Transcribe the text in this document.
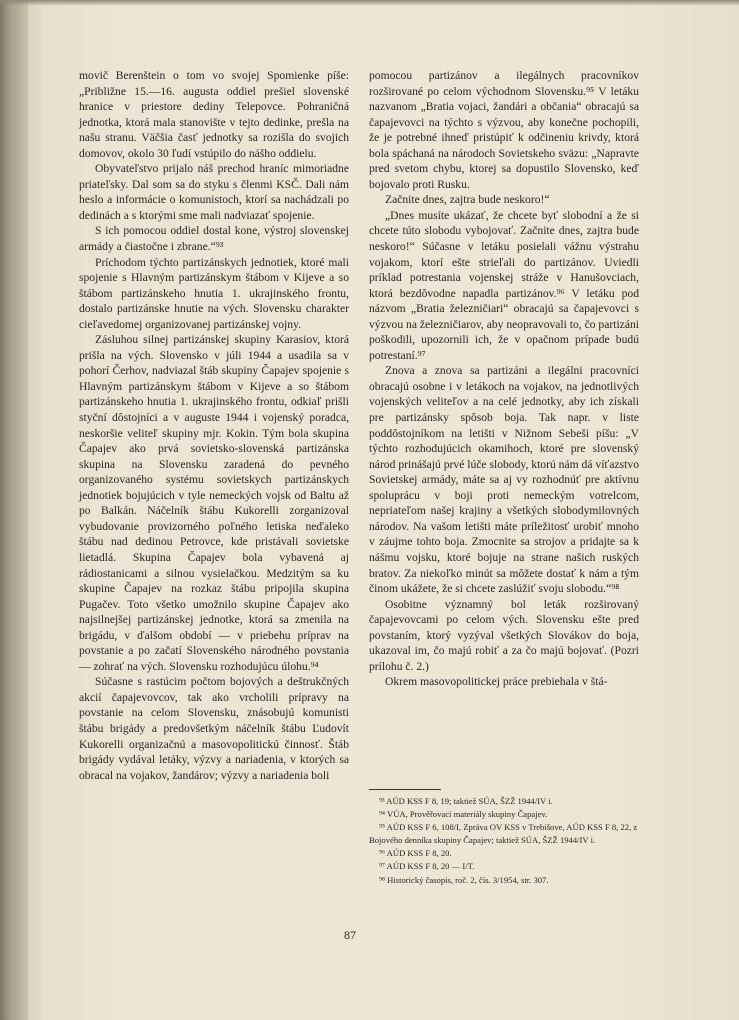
movič Berenštein o tom vo svojej Spomienke píše: „Približne 15.—16. augusta oddiel prešiel slovenské hranice v priestore dediny Telepovce. Pohraničná jednotka, ktorá mala stanovište v tejto dedinke, prešla na našu stranu. Väčšia časť jednotky sa rozišla do svojich domovov, okolo 30 ľudí vstúpilo do nášho oddielu.

Obyvateľstvo prijalo náš prechod hraníc mimoriadne priateľsky. Dal som sa do styku s členmi KSČ. Dali nám heslo a informácie o komunistoch, ktorí sa nachádzali po dedinách a s ktorými sme mali nadviazať spojenie.

S ich pomocou oddiel dostal kone, výstroj slovenskej armády a čiastočne i zbrane.“⁹³

Príchodom týchto partizánskych jednotiek, ktoré mali spojenie s Hlavným partizánskym štábom v Kijeve a so štábom partizánskeho hnutia 1. ukrajinského frontu, dostalo partizánske hnutie na vých. Slovensku charakter cieľavedomej organizovanej partizánskej vojny.

Zásluhou silnej partizánskej skupiny Karasiov, ktorá prišla na vých. Slovensko v júli 1944 a usadila sa v pohorí Čerhov, nadviazal štáb skupiny Čapajev spojenie s Hlavným partizánskym štábom v Kijeve a so štábom partizánskeho hnutia 1. ukrajinského frontu, odkiaľ prišli styční dôstojníci a v auguste 1944 i vojenský poradca, neskoršie veliteľ skupiny mjr. Kokin. Tým bola skupina Čapajev ako prvá sovietsko-slovenská partizánska skupina na Slovensku zaradená do pevného organizovaného systému sovietskych partizánskych jednotiek bojujúcich v tyle nemeckých vojsk od Baltu až po Balkán. Náčelník štábu Kukorelli zorganizoval vybudovanie provizorného poľného letiska neďaleko štábu nad dedinou Petrovce, kde pristávali sovietske lietadlá. Skupina Čapajev bola vybavená aj rádiostanicami a silnou vysielačkou. Medzitým sa ku skupine Čapajev na rozkaz štábu pripojila skupina Pugačev. Toto všetko umožnilo skupine Čapajev ako najsilnejšej partizánskej jednotke, ktorá sa zmenila na brigádu, v ďalšom období — v priebehu príprav na povstanie a po začatí Slovenského národného povstania — zohrať na vých. Slovensku rozhodujúcu úlohu.⁹⁴

Súčasne s rastúcim počtom bojových a deštrukčných akcií čapajevovcov, tak ako vrcholili prípravy na povstanie na celom Slovensku, znásobujú komunisti štábu brigády a predovšetkým náčelník štábu Ľudovít Kukorelli organizačnú a masovopolitickú činnosť. Štáb brigády vydával letáky, výzvy a nariadenia, v ktorých sa obracal na vojakov, žandárov; výzvy a nariadenia boli

pomocou partizánov a ilegálnych pracovníkov rozširované po celom východnom Slovensku.⁹⁵ V letáku nazvanom „Bratia vojaci, žandári a občania“ obracajú sa čapajevovci na týchto s výzvou, aby konečne pochopili, že je potrebné ihneď pristúpiť k odčineniu krivdy, ktorá bola spáchaná na národoch Sovietskeho sväzu: „Napravte pred svetom chybu, ktorej sa dopustilo Slovensko, keď bojovalo proti Rusku.

Začnite dnes, zajtra bude neskoro!“

„Dnes musíte ukázať, že chcete byť slobodní a že si chcete túto slobodu vybojovať. Začnite dnes, zajtra bude neskoro!“ Súčasne v letáku posielali vážnu výstrahu vojakom, ktorí ešte strieľali do partizánov. Uviedli príklad potrestania vojenskej stráže v Hanušovciach, ktorá bezdôvodne napadla partizánov.⁹⁶ V letáku pod názvom „Bratia železničiari“ obracajú sa čapajevovci s výzvou na železničiarov, aby neopravovali to, čo partizáni poškodili, upozornili ich, že v opačnom prípade budú potrestaní.⁹⁷

Znova a znova sa partizáni a ilegálni pracovníci obracajú osobne i v letákoch na vojakov, na jednotlivých vojenských veliteľov a na celé jednotky, aby ich získali pre partizánsky spôsob boja. Tak napr. v liste poddôstojníkom na letišti v Nižnom Sebeši píšu: „V týchto rozhodujúcich okamihoch, ktoré pre slovenský národ prinášajú prvé lúče slobody, ktorú nám dá víťazstvo Sovietskej armády, máte sa aj vy rozhodnúť pre aktívnu spoluprácu v boji proti nemeckým votrelcom, nepriateľom našej krajiny a všetkých slobodymilovných národov. Na vašom letišti máte príležitosť urobiť mnoho v záujme tohto boja. Zmocnite sa strojov a pridajte sa k nášmu vojsku, ktoré bojuje na strane našich ruských bratov. Za niekoľko minút sa môžete dostať k nám a tým činom ukážete, že si chcete zaslúžiť svoju slobodu.“⁹⁸

Osobitne významný bol leták rozširovaný čapajevovcami po celom vých. Slovensku ešte pred povstaním, ktorý vyzýval všetkých Slovákov do boja, ukazoval im, čo majú robiť a za čo majú bojovať. (Pozri prílohu č. 2.)

Okrem masovopolitickej práce prebiehala v štá-

⁹³ AÚD KSS F 8, 19; taktiež SÚA, ŠZŽ 1944/IV i.

⁹⁴ VÚA, Prověřovací materiály skupiny Čapajev.

⁹⁵ AÚD KSS F 6, 108/I, Zpráva OV KSS v Trebišove, AÚD KSS F 8, 22, z Bojového denníka skupiny Čapajev; taktiež SÚA, ŠZŽ 1944/IV i.

⁹⁶ AÚD KSS F 8, 20.

⁹⁷ AÚD KSS F 8, 20 — I/T.

⁹⁸ Historický časopis, roč. 2, čís. 3/1954, str. 307.

87
